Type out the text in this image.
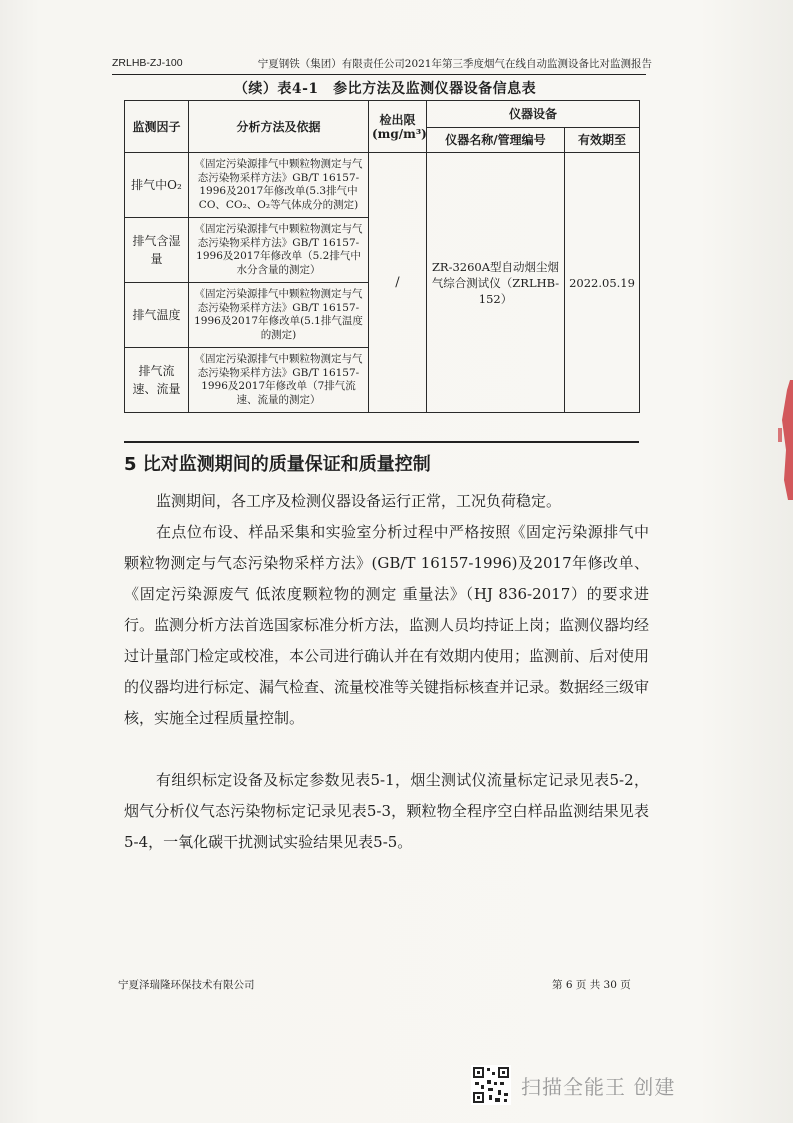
ZRLHB-ZJ-100	宁夏钢铁（集团）有限责任公司2021年第三季度烟气在线自动监测设备比对监测报告
（续）表4-1　参比方法及监测仪器设备信息表
监测因子	分析方法及依据	检出限
(mg/m³)	仪器设备	
			仪器名称/管理编号	有效期至
排气中O₂	《固定污染源排气中颗粒物测定与气态污染物采样方法》GB/T 16157-1996及2017年修改单(5.3排气中CO、CO₂、O₂等气体成分的测定)	/	ZR-3260A型自动烟尘烟气综合测试仪（ZRLHB-152）	2022.05.19
排气含湿量	《固定污染源排气中颗粒物测定与气态污染物采样方法》GB/T 16157-1996及2017年修改单（5.2排气中水分含量的测定）			
排气温度	《固定污染源排气中颗粒物测定与气态污染物采样方法》GB/T 16157-1996及2017年修改单(5.1排气温度的测定)			
排气流速、流量	《固定污染源排气中颗粒物测定与气态污染物采样方法》GB/T 16157-1996及2017年修改单（7排气流速、流量的测定）			
5 比对监测期间的质量保证和质量控制
监测期间，各工序及检测仪器设备运行正常，工况负荷稳定。
在点位布设、样品采集和实验室分析过程中严格按照《固定污染源排气中颗粒物测定与气态污染物采样方法》(GB/T 16157-1996)及2017年修改单、《固定污染源废气 低浓度颗粒物的测定 重量法》（HJ 836-2017）的要求进行。监测分析方法首选国家标准分析方法，监测人员均持证上岗；监测仪器均经过计量部门检定或校准，本公司进行确认并在有效期内使用；监测前、后对使用的仪器均进行标定、漏气检查、流量校准等关键指标核查并记录。数据经三级审核，实施全过程质量控制。
有组织标定设备及标定参数见表5-1，烟尘测试仪流量标定记录见表5-2，烟气分析仪气态污染物标定记录见表5-3，颗粒物全程序空白样品监测结果见表5-4，一氧化碳干扰测试实验结果见表5-5。
宁夏泽瑞隆环保技术有限公司	第 6 页 共 30 页
扫描全能王 创建
